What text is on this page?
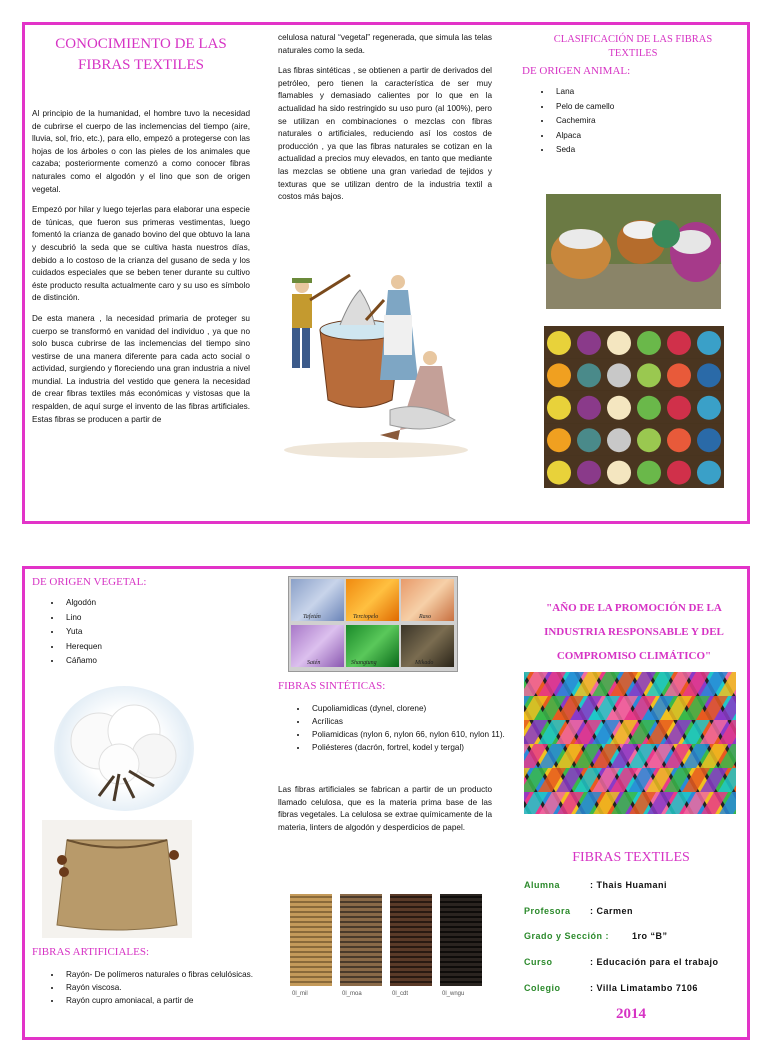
CONOCIMIENTO DE LAS FIBRAS TEXTILES

Al principio de la humanidad, el hombre tuvo la necesidad de cubrirse el cuerpo de las inclemencias del tiempo (aire, lluvia, sol, frio, etc.), para ello, empezó a protegerse con las hojas de los árboles o con las pieles de los animales que cazaba; posteriormente comenzó a como conocer fibras naturales como el algodón y el lino que son de origen vegetal.

Empezó por hilar y luego tejerlas para elaborar una especie de túnicas, que fueron sus primeras vestimentas, luego fomentó la crianza de ganado bovino del que obtuvo la lana y descubrió la seda que se cultiva hasta nuestros días, debido a lo costoso de la crianza del gusano de seda y los cuidados especiales que se beben tener durante su cultivo éste producto resulta actualmente caro y su uso es símbolo de distinción.

De esta manera , la necesidad primaria de proteger su cuerpo se transformó en vanidad del individuo , ya que no solo busca cubrirse de las inclemencias del tiempo sino vestirse de una manera diferente para cada acto social o actividad, surgiendo y floreciendo una gran industria a nivel mundial. La industria del vestido que genera la necesidad de crear fibras textiles más económicas y vistosas que la respalden, de aquí surge el invento de las fibras artificiales. Estas fibras se producen a partir de

celulosa natural “vegetal” regenerada, que simula las telas naturales como la seda.

Las fibras sintéticas , se obtienen a partir de derivados del petróleo, pero tienen la característica de ser muy flamables y demasiado calientes por lo que en la actualidad ha sido restringido su uso puro (al 100%), pero se utilizan en combinaciones o mezclas con fibras naturales o artificiales, reduciendo así los costos de producción , ya que las fibras naturales se cotizan en la actualidad a precios muy elevados, en tanto que mediante las mezclas se obtiene una gran variedad de tejidos y texturas que se utilizan dentro de la industria textil a costos más bajos.

CLASIFICACIÓN DE LAS FIBRAS TEXTILES
DE ORIGEN ANIMAL:
• Lana
• Pelo de camello
• Cachemira
• Alpaca
• Seda
DE ORIGEN VEGETAL:
• Algodón
• Lino
• Yuta
• Herequen
• Cáñamo
FIBRAS ARTIFICIALES:
• Rayón- De polímeros naturales o fibras celulósicas.
• Rayón viscosa.
• Rayón cupro amoniacal, a partir de
Tafetán	Terciopelo	Raso
Satén	Shangtung	Mikado
FIBRAS SINTÉTICAS:
• Cupoliamidicas (dynel, clorene)
• Acrílicas
• Poliamidicas (nylon 6, nylon 66, nylon 610, nylon 11).
• Poliésteres (dacrón, fortrel, kodel y tergal)

Las fibras artificiales se fabrican a partir de un producto llamado celulosa, que es la materia prima base de las fibras vegetales. La celulosa se extrae químicamente de la materia, linters de algodón y desperdicios de papel.

0l_mil	0l_moa	0l_cdt	0l_wngu
"AÑO DE LA PROMOCIÓN DE LA INDUSTRIA RESPONSABLE Y DEL COMPROMISO CLIMÁTICO"
FIBRAS TEXTILES
Alumna	: Thais Huamani
Profesora : Carmen
Grado y Sección :	1ro “B”
Curso	: Educación para el trabajo
Colegio	: Villa Limatambo 7106
2014
